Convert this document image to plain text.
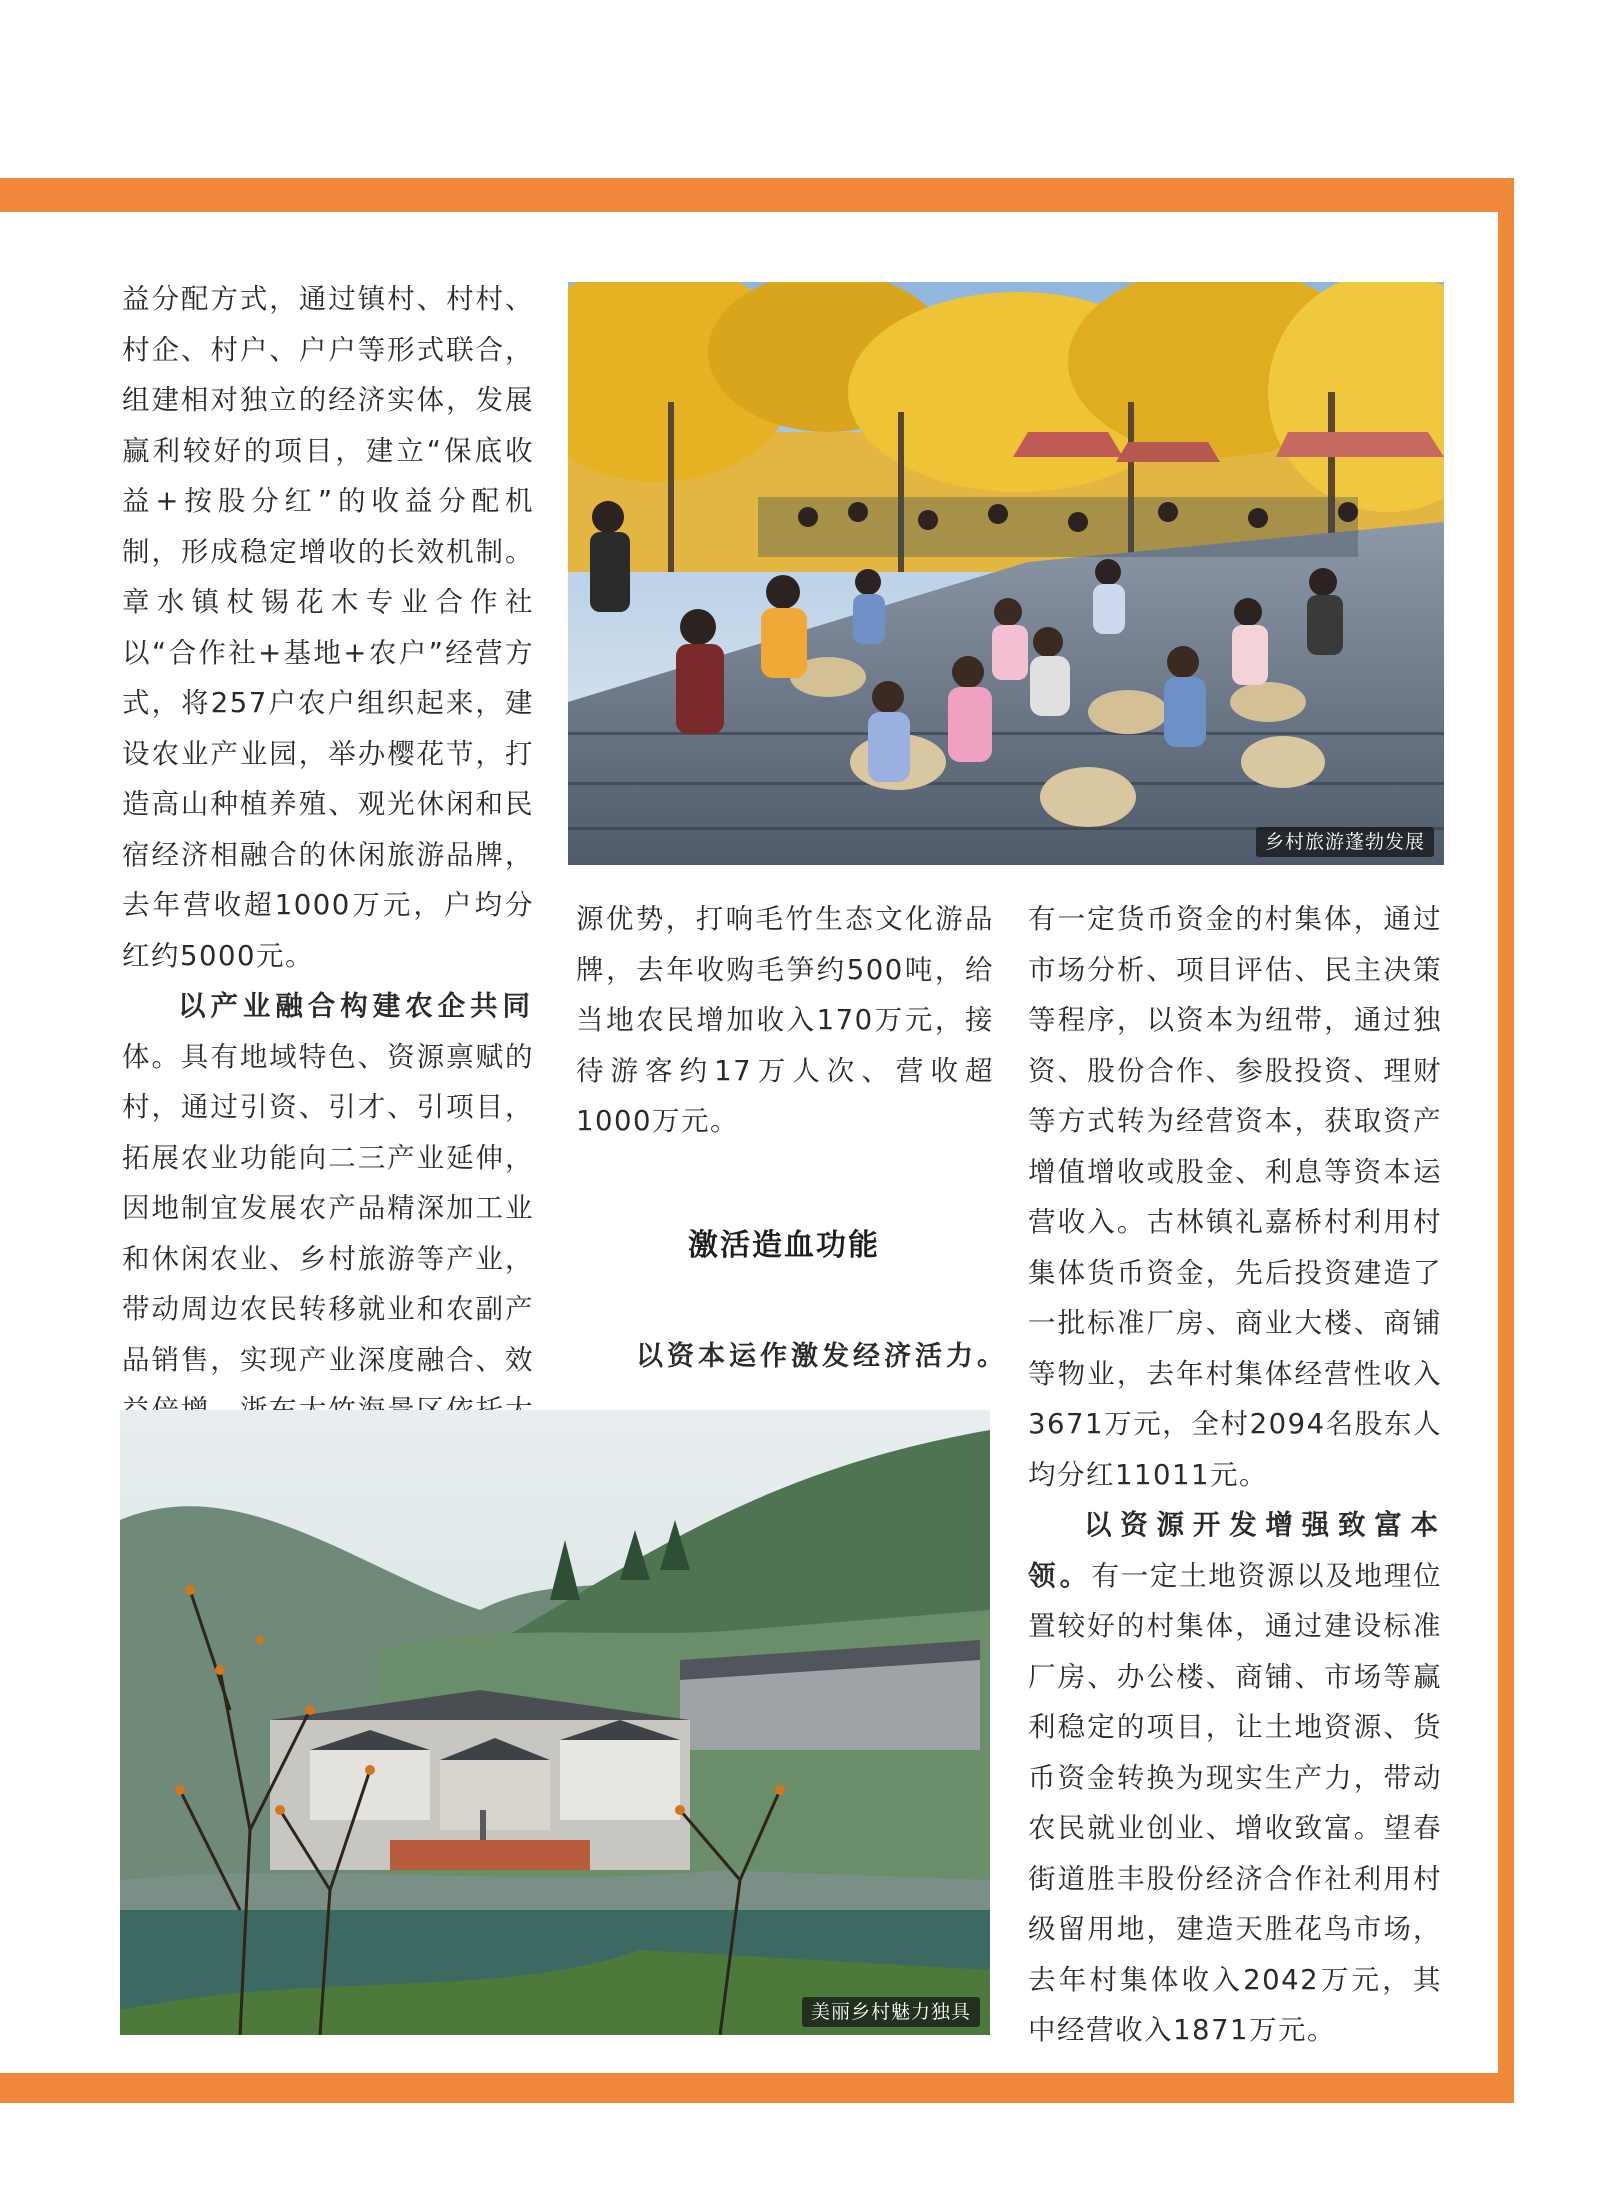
益分配方式，通过镇村、村村、村企、村户、户户等形式联合，组建相对独立的经济实体，发展赢利较好的项目，建立“保底收益+按股分红”的收益分配机制，形成稳定增收的长效机制。章水镇杖锡花木专业合作社以“合作社+基地+农户”经营方式，将257户农户组织起来，建设农业产业园，举办樱花节，打造高山种植养殖、观光休闲和民宿经济相融合的休闲旅游品牌，去年营收超1000万元，户均分红约5000元。

以产业融合构建农企共同体。具有地域特色、资源禀赋的村，通过引资、引才、引项目，拓展农业功能向二三产业延伸，因地制宜发展农产品精深加工业和休闲农业、乡村旅游等产业，带动周边农民转移就业和农副产品销售，实现产业深度融合、效

源优势，打响毛竹生态文化游品牌，去年收购毛笋约500吨，给当地农民增加收入170万元，接待游客约17万人次、营收超1000万元。

激活造血功能
以资本运作激发经济活力。

有一定货币资金的村集体，通过市场分析、项目评估、民主决策等程序，以资本为纽带，通过独资、股份合作、参股投资、理财等方式转为经营资本，获取资产增值增收或股金、利息等资本运营收入。古林镇礼嘉桥村利用村集体货币资金，先后投资建造了一批标准厂房、商业大楼、商铺等物业，去年村集体经营性收入3671万元，全村2094名股东人均分红11011元。

以资源开发增强致富本领。有一定土地资源以及地理位置较好的村集体，通过建设标准厂房、办公楼、商铺、市场等赢利稳定的项目，让土地资源、货币资金转换为现实生产力，带动农民就业创业、增收致富。望春街道胜丰股份经济合作社利用村级留用地，建造天胜花鸟市场，去年村集体收入2042万元，其中经营收入1871万元。

乡村旅游蓬勃发展
美丽乡村魅力独具
